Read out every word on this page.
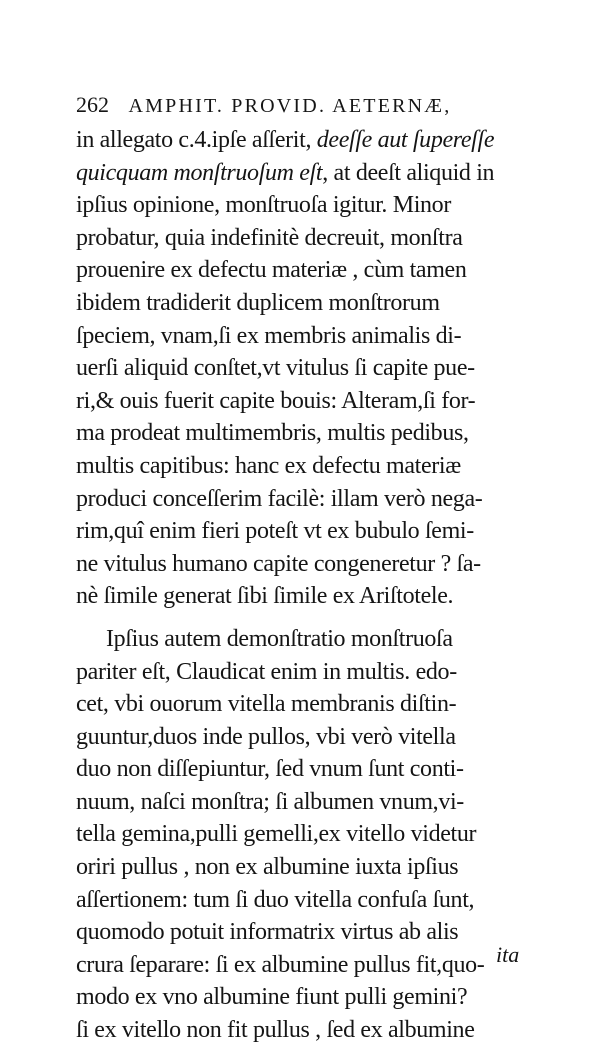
262 AMPHIT. PROVID. AETERNÆ,
in allegato c.4.ipſe aſſerit, deeſſe aut ſupereſſe
quicquam monſtruoſum eſt, at deeſt aliquid in
ipſius opinione, monſtruoſa igitur. Minor
probatur, quia indefinitè decreuit, monſtra
prouenire ex defectu materiæ , cùm tamen
ibidem tradiderit duplicem monſtrorum
ſpeciem, vnam,ſi ex membris animalis di-
uerſi aliquid conſtet,vt vitulus ſi capite pue-
ri,& ouis fuerit capite bouis: Alteram,ſi for-
ma prodeat multimembris, multis pedibus,
multis capitibus: hanc ex defectu materiæ
produci conceſſerim facilè: illam verò nega-
rim,quî enim fieri poteſt vt ex bubulo ſemi-
ne vitulus humano capite congeneretur ? ſa-
nè ſimile generat ſibi ſimile ex Ariſtotele.
Ipſius autem demonſtratio monſtruoſa
pariter eſt, Claudicat enim in multis. edo-
cet, vbi ouorum vitella membranis diſtin-
guuntur,duos inde pullos, vbi verò vitella
duo non diſſepiuntur, ſed vnum ſunt conti-
nuum, naſci monſtra; ſi albumen vnum,vi-
tella gemina,pulli gemelli,ex vitello videtur
oriri pullus , non ex albumine iuxta ipſius
aſſertionem: tum ſi duo vitella confuſa ſunt,
quomodo potuit informatrix virtus ab alis
crura ſeparare: ſi ex albumine pullus fit,quo-
modo ex vno albumine fiunt pulli gemini?
ſi ex vitello non fit pullus , ſed ex albumine
ita
